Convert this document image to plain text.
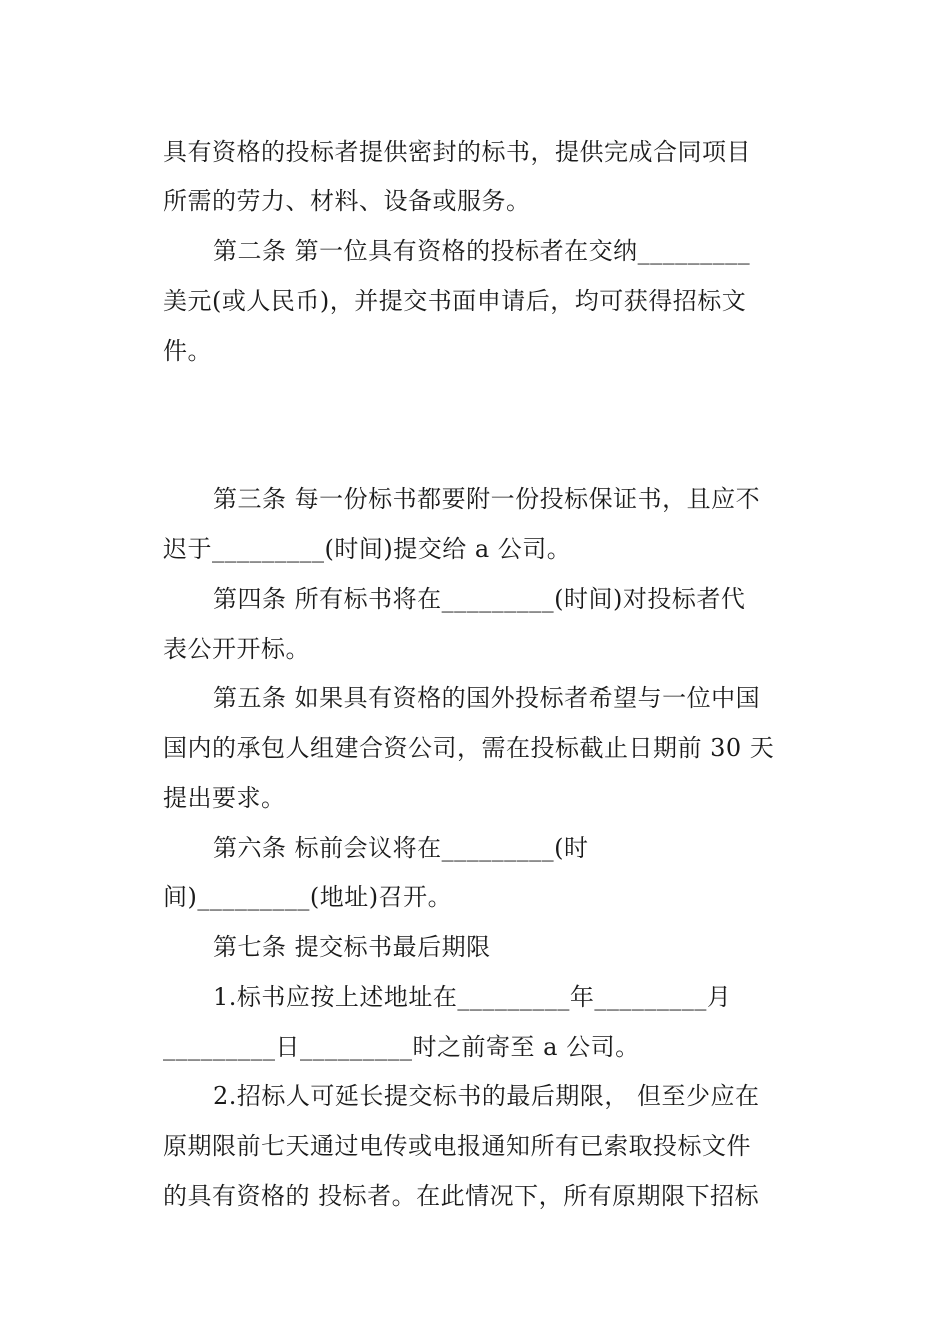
具有资格的投标者提供密封的标书，提供完成合同项目
所需的劳力、材料、设备或服务。
第二条 第一位具有资格的投标者在交纳_________
美元(或人民币)，并提交书面申请后，均可获得招标文
件。
第三条 每一份标书都要附一份投标保证书，且应不
迟于_________(时间)提交给 a 公司。
第四条 所有标书将在_________(时间)对投标者代
表公开开标。
第五条 如果具有资格的国外投标者希望与一位中国
国内的承包人组建合资公司，需在投标截止日期前 30 天
提出要求。
第六条 标前会议将在_________(时
间)_________(地址)召开。
第七条 提交标书最后期限
1.标书应按上述地址在_________年_________月
_________日_________时之前寄至 a 公司。
2.招标人可延长提交标书的最后期限， 但至少应在
原期限前七天通过电传或电报通知所有已索取投标文件
的具有资格的 投标者。在此情况下，所有原期限下招标
